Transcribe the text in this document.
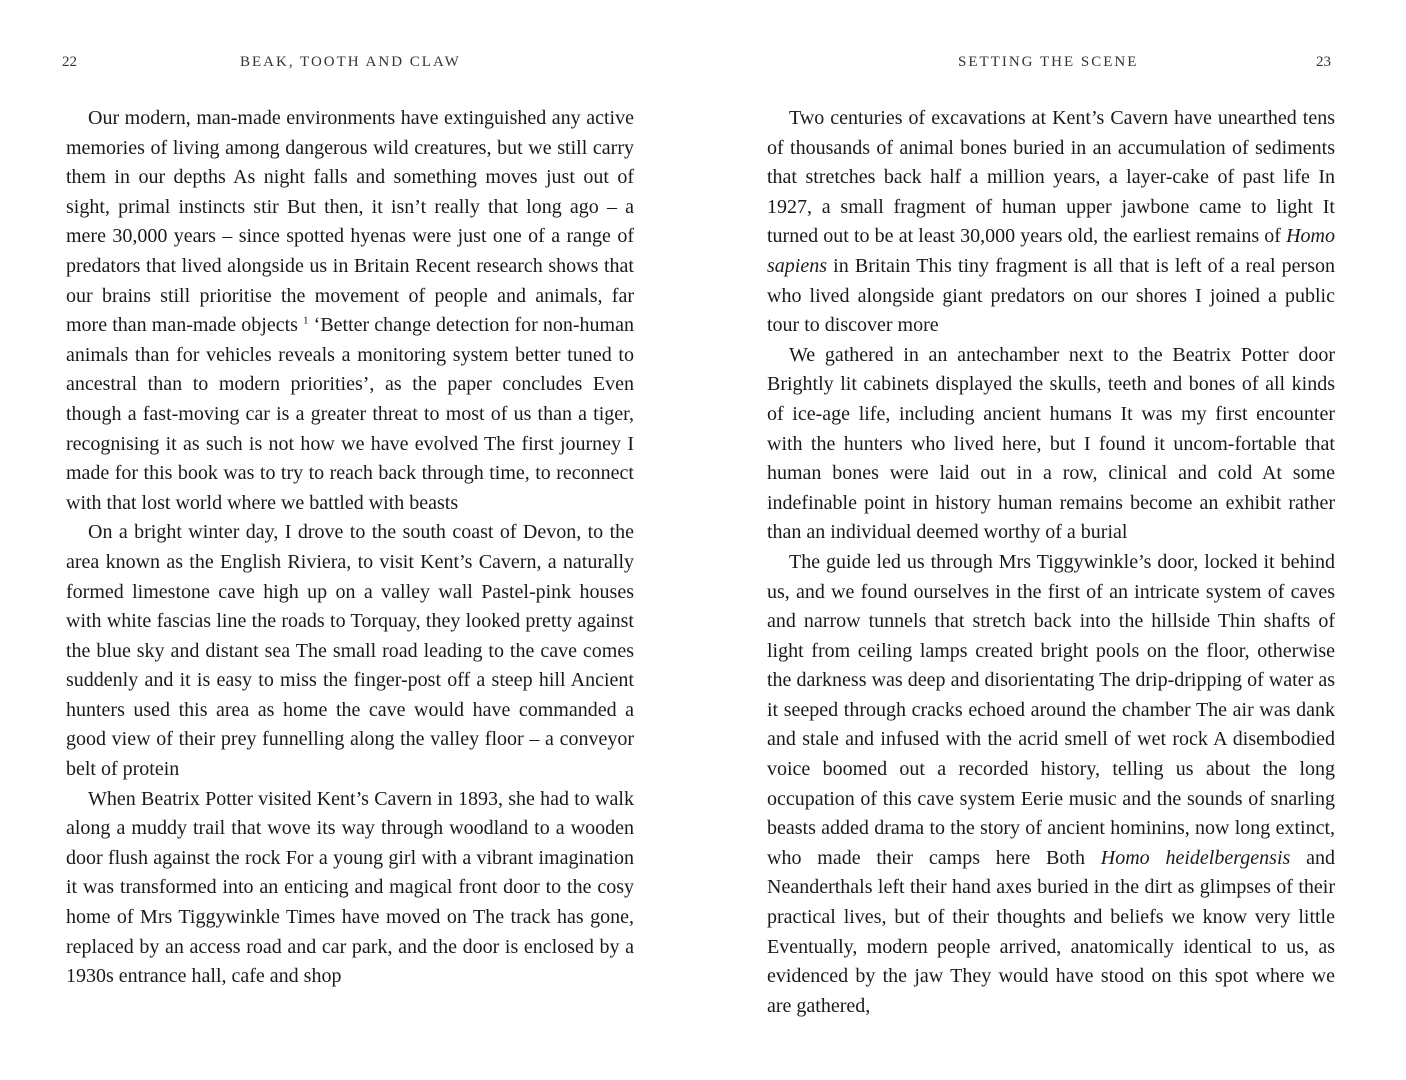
22	BEAK, TOOTH AND CLAW

Our modern, man-made environments have extinguished any active memories of living among dangerous wild creatures, but we still carry them in our depths As night falls and something moves just out of sight, primal instincts stir But then, it isn’t really that long ago – a mere 30,000 years – since spotted hyenas were just one of a range of predators that lived alongside us in Britain Recent research shows that our brains still prioritise the movement of people and animals, far more than man-made objects $^1$ ‘Better change detection for non-human animals than for vehicles reveals a monitoring system better tuned to ancestral than to modern priorities’, as the paper concludes Even though a fast-moving car is a greater threat to most of us than a tiger, recognising it as such is not how we have evolved The first journey I made for this book was to try to reach back through time, to reconnect with that lost world where we battled with beasts

On a bright winter day, I drove to the south coast of Devon, to the area known as the English Riviera, to visit Kent’s Cavern, a naturally formed limestone cave high up on a valley wall Pastel-pink houses with white fascias line the roads to Torquay, they looked pretty against the blue sky and distant sea The small road leading to the cave comes suddenly and it is easy to miss the finger-post off a steep hill Ancient hunters used this area as home the cave would have commanded a good view of their prey funnelling along the valley floor – a conveyor belt of protein

When Beatrix Potter visited Kent’s Cavern in 1893, she had to walk along a muddy trail that wove its way through woodland to a wooden door flush against the rock For a young girl with a vibrant imagination it was transformed into an enticing and magical front door to the cosy home of Mrs Tiggywinkle Times have moved on The track has gone, replaced by an access road and car park, and the door is enclosed by a 1930s entrance hall, cafe and shop

SETTING THE SCENE	23

Two centuries of excavations at Kent’s Cavern have unearthed tens of thousands of animal bones buried in an accumulation of sediments that stretches back half a million years, a layer-cake of past life In 1927, a small fragment of human upper jawbone came to light It turned out to be at least 30,000 years old, the earliest remains of Homo sapiens in Britain This tiny fragment is all that is left of a real person who lived alongside giant predators on our shores I joined a public tour to discover more

We gathered in an antechamber next to the Beatrix Potter door Brightly lit cabinets displayed the skulls, teeth and bones of all kinds of ice-age life, including ancient humans It was my first encounter with the hunters who lived here, but I found it uncom-fortable that human bones were laid out in a row, clinical and cold At some indefinable point in history human remains become an exhibit rather than an individual deemed worthy of a burial

The guide led us through Mrs Tiggywinkle’s door, locked it behind us, and we found ourselves in the first of an intricate system of caves and narrow tunnels that stretch back into the hillside Thin shafts of light from ceiling lamps created bright pools on the floor, otherwise the darkness was deep and disorientating The drip-dripping of water as it seeped through cracks echoed around the chamber The air was dank and stale and infused with the acrid smell of wet rock A disembodied voice boomed out a recorded history, telling us about the long occupation of this cave system Eerie music and the sounds of snarling beasts added drama to the story of ancient hominins, now long extinct, who made their camps here Both Homo heidelbergensis and Neanderthals left their hand axes buried in the dirt as glimpses of their practical lives, but of their thoughts and beliefs we know very little Eventually, modern people arrived, anatomically identical to us, as evidenced by the jaw They would have stood on this spot where we are gathered,
